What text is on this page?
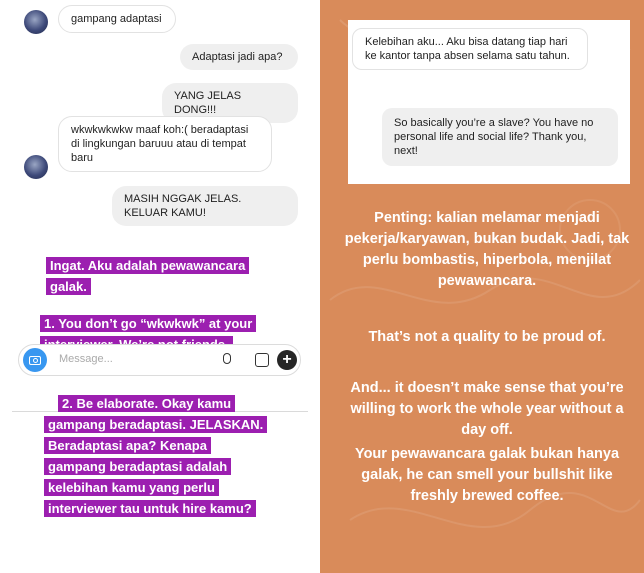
gampang adaptasi
Adaptasi jadi apa?
YANG JELAS DONG!!!
wkwkwkwkw maaf koh:( beradaptasi di lingkungan baruuu atau di tempat baru
MASIH NGGAK JELAS. KELUAR KAMU!
Ingat. Aku adalah pewawancara
galak.
1. You don’t go “wkwkwk” at your

Message...	+
2. Be elaborate. Okay kamu
gampang beradaptasi. JELASKAN.
Beradaptasi apa? Kenapa
gampang beradaptasi adalah
kelebihan kamu yang perlu
interviewer tau untuk hire kamu?
Kelebihan aku... Aku bisa datang tiap hari ke kantor tanpa absen selama satu tahun.
So basically you’re a slave? You have no personal life and social life? Thank you, next!
Penting: kalian melamar menjadi pekerja/karyawan, bukan budak. Jadi, tak perlu bombastis, hiperbola, menjilat pewawancara.
That’s not a quality to be proud of.
And... it doesn’t make sense that you’re willing to work the whole year without a day off.
Your pewawancara galak bukan hanya galak, he can smell your bullshit like freshly brewed coffee.
